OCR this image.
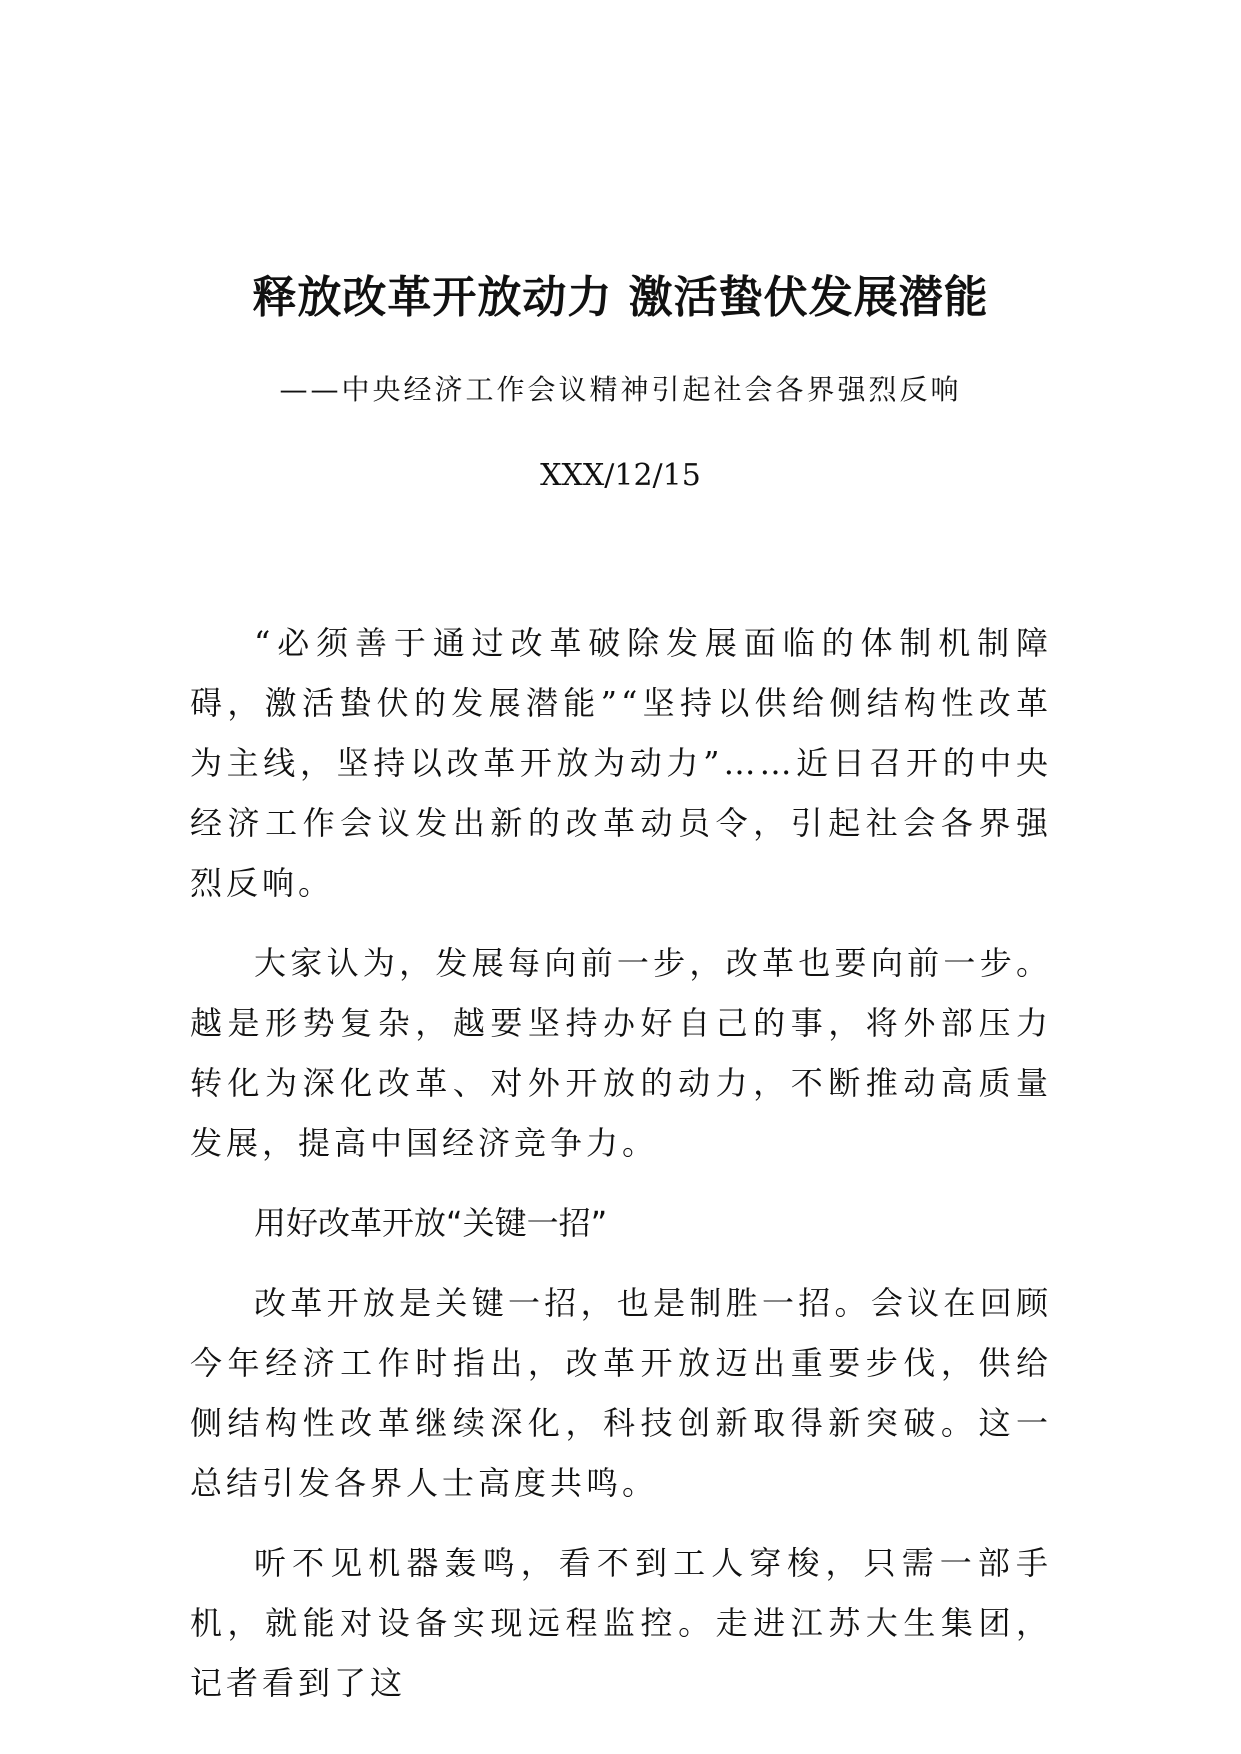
释放改革开放动力 激活蛰伏发展潜能
——中央经济工作会议精神引起社会各界强烈反响
XXX/12/15

“必须善于通过改革破除发展面临的体制机制障碍，激活蛰伏的发展潜能”“坚持以供给侧结构性改革为主线，坚持以改革开放为动力”……近日召开的中央经济工作会议发出新的改革动员令，引起社会各界强烈反响。

大家认为，发展每向前一步，改革也要向前一步。越是形势复杂，越要坚持办好自己的事，将外部压力转化为深化改革、对外开放的动力，不断推动高质量发展，提高中国经济竞争力。

用好改革开放“关键一招”

改革开放是关键一招，也是制胜一招。会议在回顾今年经济工作时指出，改革开放迈出重要步伐，供给侧结构性改革继续深化，科技创新取得新突破。这一总结引发各界人士高度共鸣。

听不见机器轰鸣，看不到工人穿梭，只需一部手机，就能对设备实现远程监控。走进江苏大生集团，记者看到了这
